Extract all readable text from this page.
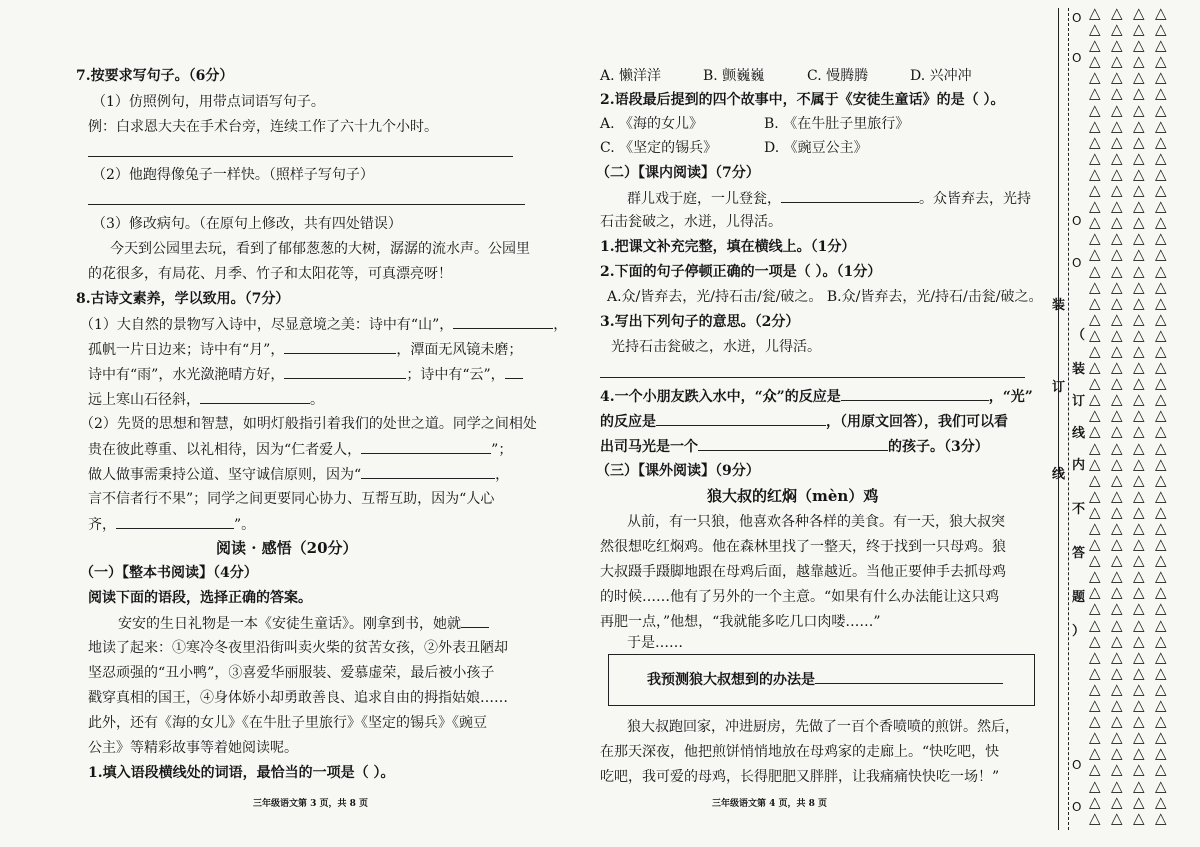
7.按要求写句子。（6分）
（1）仿照例句，用带点词语写句子。
例：白求恩大夫在手术台旁，连续工作了六十九个小时。
（2）他跑得像兔子一样快。（照样子写句子）
（3）修改病句。（在原句上修改，共有四处错误）
今天到公园里去玩，看到了郁郁葱葱的大树，潺潺的流水声。公园里
的花很多，有局花、月季、竹子和太阳花等，可真漂亮呀！
8.古诗文素养，学以致用。（7分）
（1）大自然的景物写入诗中，尽显意境之美：诗中有“山”，	，
孤帆一片日边来；诗中有“月”，	，潭面无风镜未磨；
诗中有“雨”，水光潋滟晴方好，	；诗中有“云”，
远上寒山石径斜，	。
（2）先贤的思想和智慧，如明灯般指引着我们的处世之道。同学之间相处
贵在彼此尊重、以礼相待，因为“仁者爱人，	”；
做人做事需秉持公道、坚守诚信原则，因为“	，
言不信者行不果”；同学之间更要同心协力、互帮互助，因为“人心
齐，	”。
阅读 · 感悟（20分）
（一）【整本书阅读】（4分）
阅读下面的语段，选择正确的答案。
安安的生日礼物是一本《安徒生童话》。刚拿到书，她就
地读了起来：①寒冷冬夜里沿街叫卖火柴的贫苦女孩，②外表丑陋却
坚忍顽强的“丑小鸭”，③喜爱华丽服装、爱慕虚荣，最后被小孩子
戳穿真相的国王，④身体娇小却勇敢善良、追求自由的拇指姑娘……
此外，还有《海的女儿》《在牛肚子里旅行》《坚定的锡兵》《豌豆
公主》等精彩故事等着她阅读呢。
1.填入语段横线处的词语，最恰当的一项是（ ）。
三年级语文第 3 页，共 8 页
A. 懒洋洋	B. 颤巍巍	C. 慢腾腾	D. 兴冲冲
2.语段最后提到的四个故事中，不属于《安徒生童话》的是（ ）。
A. 《海的女儿》	B. 《在牛肚子里旅行》
C. 《坚定的锡兵》	D. 《豌豆公主》
（二）【课内阅读】（7分）
群儿戏于庭，一儿登瓮，	。众皆弃去，光持
石击瓮破之，水迸，儿得活。
1.把课文补充完整，填在横线上。（1分）
2.下面的句子停顿正确的一项是（ ）。（1分）
A.众/皆弃去，光/持石击/瓮/破之。 B.众/皆弃去，光/持石/击瓮/破之。
3.写出下列句子的意思。（2分）
光持石击瓮破之，水迸，儿得活。
4.一个小朋友跌入水中，“众”的反应是	，“光”
的反应是	，（用原文回答），我们可以看
出司马光是一个	的孩子。（3分）
（三）【课外阅读】（9分）
狼大叔的红焖（mèn）鸡
从前，有一只狼，他喜欢各种各样的美食。有一天，狼大叔突
然很想吃红焖鸡。他在森林里找了一整天，终于找到一只母鸡。狼
大叔蹑手蹑脚地跟在母鸡后面，越靠越近。当他正要伸手去抓母鸡
的时候……他有了另外的一个主意。“如果有什么办法能让这只鸡
再肥一点，”他想，“我就能多吃几口肉喽……”
于是……
我预测狼大叔想到的办法是
狼大叔跑回家，冲进厨房，先做了一百个香喷喷的煎饼。然后，
在那天深夜，他把煎饼悄悄地放在母鸡家的走廊上。“快吃吧，快
吃吧，我可爱的母鸡，长得肥肥又胖胖，让我痛痛快快吃一场！”
三年级语文第 4 页，共 8 页
O
O
O
O
O
O
装
订
线
（
装
订
线
内
不
答
题
）
△
△
△
△
△
△
△
△
△
△
△
△
△
△
△
△
△
△
△
△
△
△
△
△
△
△
△
△
△
△
△
△
△
△
△
△
△
△
△
△
△
△
△
△
△
△
△
△
△
△
△
△
△
△
△
△
△
△
△
△
△
△
△
△
△
△
△
△
△
△
△
△
△
△
△
△
△
△
△
△
△
△
△
△
△
△
△
△
△
△
△
△
△
△
△
△
△
△
△
△
△
△
△
△
△
△
△
△
△
△
△
△
△
△
△
△
△
△
△
△
△
△
△
△
△
△
△
△
△
△
△
△
△
△
△
△
△
△
△
△
△
△
△
△
△
△
△
△
△
△
△
△
△
△
△
△
△
△
△
△
△
△
△
△
△
△
△
△
△
△
△
△
△
△
△
△
△
△
△
△
△
△
△
△
△
△
△
△
△
△
△
△
△
△
△
△
△
△
△
△
△
△
△
△
